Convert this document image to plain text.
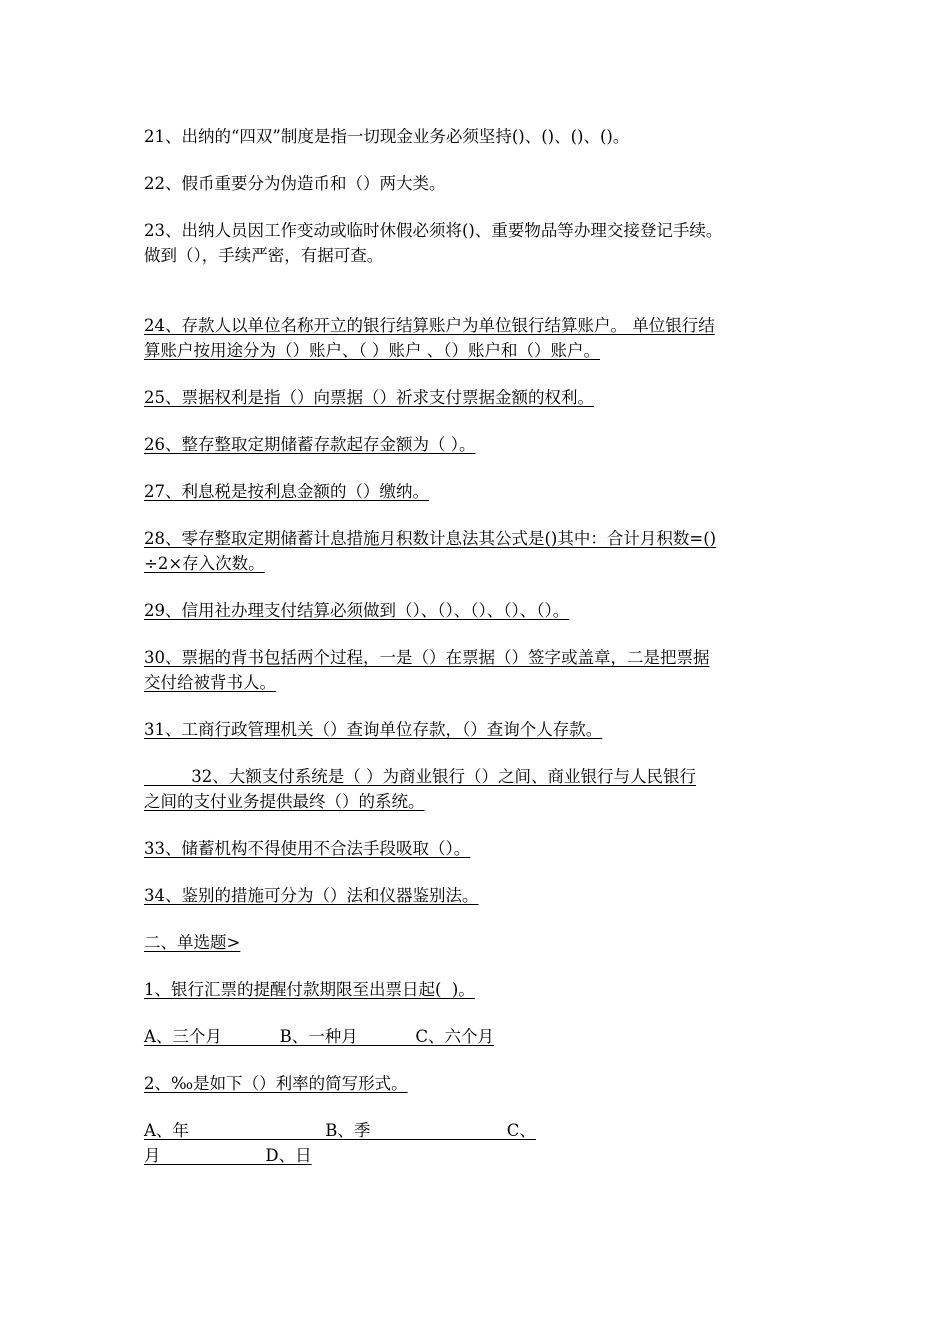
21、出纳的“四双”制度是指一切现金业务必须坚持()、()、()、()。

22、假币重要分为伪造币和（）两大类。

23、出纳人员因工作变动或临时休假必须将()、重要物品等办理交接登记手续。

做到（），手续严密，有据可查。

24、存款人以单位名称开立的银行结算账户为单位银行结算账户。 单位银行结

算账户按用途分为（）账户、（ ）账户 、（）账户和（）账户。

25、票据权利是指（）向票据（）祈求支付票据金额的权利。

26、整存整取定期储蓄存款起存金额为（ ）。

27、利息税是按利息金额的（）缴纳。

28、零存整取定期储蓄计息措施月积数计息法其公式是()其中：合计月积数=()

÷2×存入次数。

29、信用社办理支付结算必须做到（）、（）、（）、（）、（）。

30、票据的背书包括两个过程，一是（）在票据（）签字或盖章，二是把票据

交付给被背书人。

31、工商行政管理机关（）查询单位存款，（）查询个人存款。

32、大额支付系统是（ ）为商业银行（）之间、商业银行与人民银行

之间的支付业务提供最终（）的系统。

33、储蓄机构不得使用不合法手段吸取（）。

34、鉴别的措施可分为（）法和仪器鉴别法。

二、单选题>

1、银行汇票的提醒付款期限至出票日起(  )。

A、三个月           B、一种月           C、六个月

2、‰是如下（）利率的简写形式。

A、年                          B、季                          C、

月                    D、日
